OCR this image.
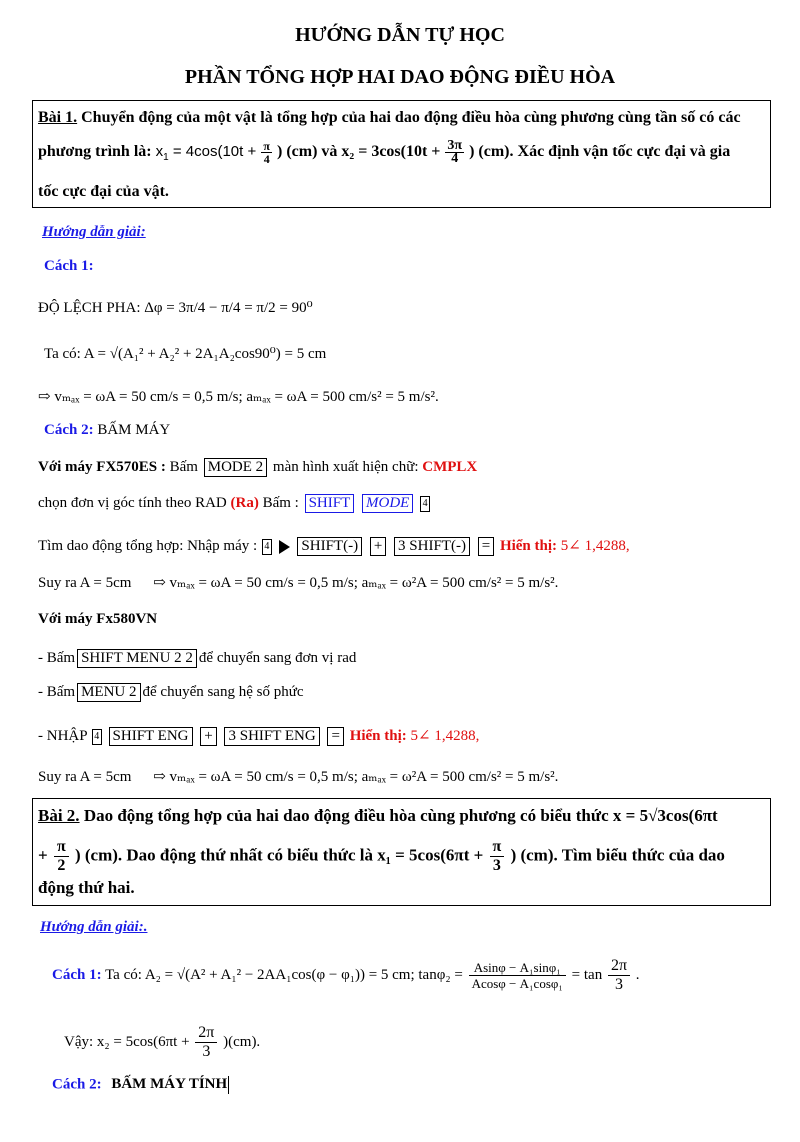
HƯỚNG DẪN TỰ HỌC
PHẦN TỔNG HỢP HAI DAO ĐỘNG ĐIỀU HÒA
Bài 1. Chuyển động của một vật là tổng hợp của hai dao động điều hòa cùng phương cùng tần số có các
phương trình là: $x_1 = 4\cos(10t + \frac{\pi}{4}$ ) (cm) và $x_2 = 3\cos(10t + \frac{3\pi}{4}$ ) (cm). Xác định vận tốc cực đại và gia
tốc cực đại của vật.
Hướng dẫn giải:
Cách 1:
ĐỘ LỆCH PHA: Δφ = 3π/4 − π/4 = π/2 = 90⁰
Ta có: A = √(A₁² + A₂² + 2A₁A₂cos90⁰) = 5 cm
⇨ vₘₐₓ = ωA = 50 cm/s = 0,5 m/s; aₘₐₓ = ωA = 500 cm/s² = 5 m/s².
Cách 2: BẤM MÁY
Với máy FX570ES : Bấm MODE 2 màn hình xuất hiện chữ: CMPLX
chọn đơn vị góc tính theo RAD (Ra) Bấm : SHIFT MODE 4
Tìm dao động tổng hợp: Nhập máy : 4 SHIFT(-) + 3 SHIFT(-) = Hiển thị: 5∠ 1,4288,
Suy ra A = 5cm ⇨ vₘₐₓ = ωA = 50 cm/s = 0,5 m/s; aₘₐₓ = ω²A = 500 cm/s² = 5 m/s².
Với máy Fx580VN
- Bấm SHIFT MENU 2 2 để chuyển sang đơn vị rad
- Bấm MENU 2 để chuyển sang hệ số phức
- NHẬP 4 SHIFT ENG + 3 SHIFT ENG = Hiển thị: 5∠ 1,4288,
Suy ra A = 5cm ⇨ vₘₐₓ = ωA = 50 cm/s = 0,5 m/s; aₘₐₓ = ω²A = 500 cm/s² = 5 m/s².
Bài 2. Dao động tổng hợp của hai dao động điều hòa cùng phương có biểu thức x = 5√3cos(6πt
+ $\frac{\pi}{2}$ ) (cm). Dao động thứ nhất có biểu thức là $x_1 = 5\cos(6\pi t + \frac{\pi}{3}$ ) (cm). Tìm biểu thức của dao
động thứ hai.
Hướng dẫn giải:.
Cách 1: Ta có: A₂ = √(A² + A₁² − 2AA₁cos(φ − φ₁)) = 5 cm; $\tan\varphi_2 = \frac{\text{Asinφ − A₁sinφ₁}}{\text{Acosφ − A₁cosφ₁}} = \tan \frac{2\pi}{3}$ .
Vậy: $x_2 = 5\cos(6\pi t + \frac{2\pi}{3} )(cm)$.
Cách 2: BẤM MÁY TÍNH
